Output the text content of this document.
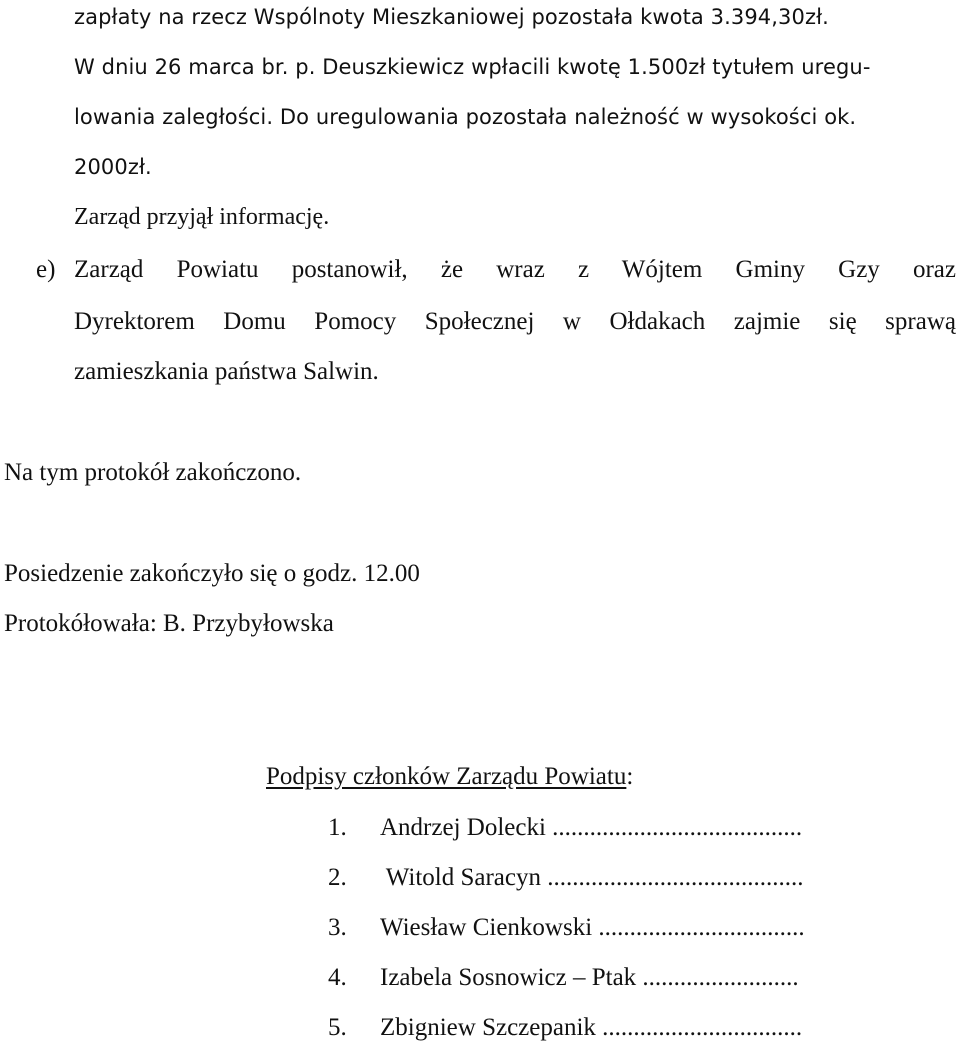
zapłaty na rzecz Wspólnoty Mieszkaniowej pozostała kwota 3.394,30zł.
W dniu 26 marca br. p. Deuszkiewicz wpłacili kwotę 1.500zł tytułem uregu-
lowania zaległości. Do uregulowania pozostała należność w wysokości ok.
2000zł.
Zarząd przyjął informację.
e) Zarząd Powiatu postanowił, że wraz z Wójtem Gminy Gzy oraz
Dyrektorem Domu Pomocy Społecznej w Ołdakach zajmie się sprawą
zamieszkania państwa Salwin.
Na tym protokół zakończono.
Posiedzenie zakończyło się o godz. 12.00
Protokółowała: B. Przybyłowska
Podpisy członków Zarządu Powiatu:
1. Andrzej Dolecki ........................................
2. Witold Saracyn .........................................
3. Wiesław Cienkowski .................................
4. Izabela Sosnowicz – Ptak .........................
5. Zbigniew Szczepanik ................................
